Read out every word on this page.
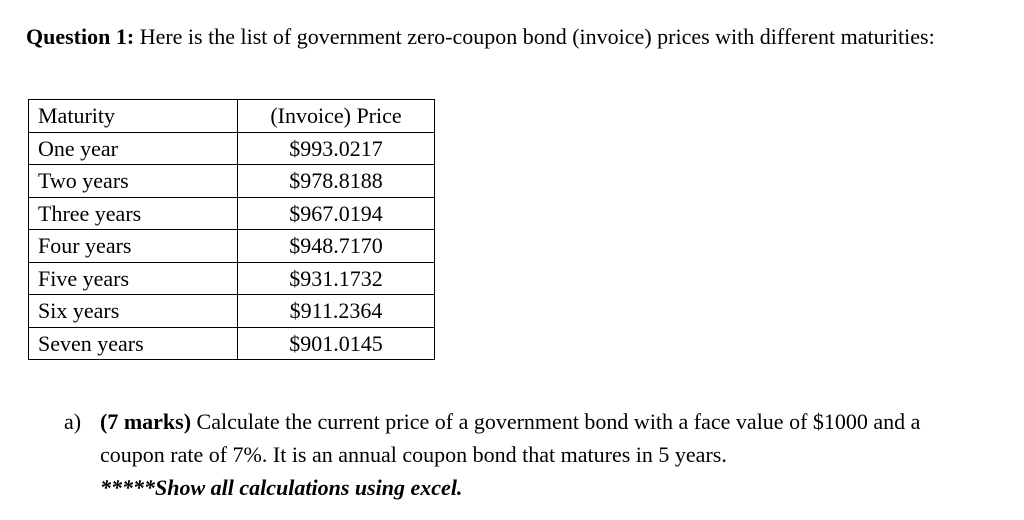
Question 1: Here is the list of government zero-coupon bond (invoice) prices with different maturities:
Maturity	(Invoice) Price
One year	$993.0217
Two years	$978.8188
Three years	$967.0194
Four years	$948.7170
Five years	$931.1732
Six years	$911.2364
Seven years	$901.0145
a) (7 marks) Calculate the current price of a government bond with a face value of $1000 and a coupon rate of 7%. It is an annual coupon bond that matures in 5 years.
*****Show all calculations using excel.
